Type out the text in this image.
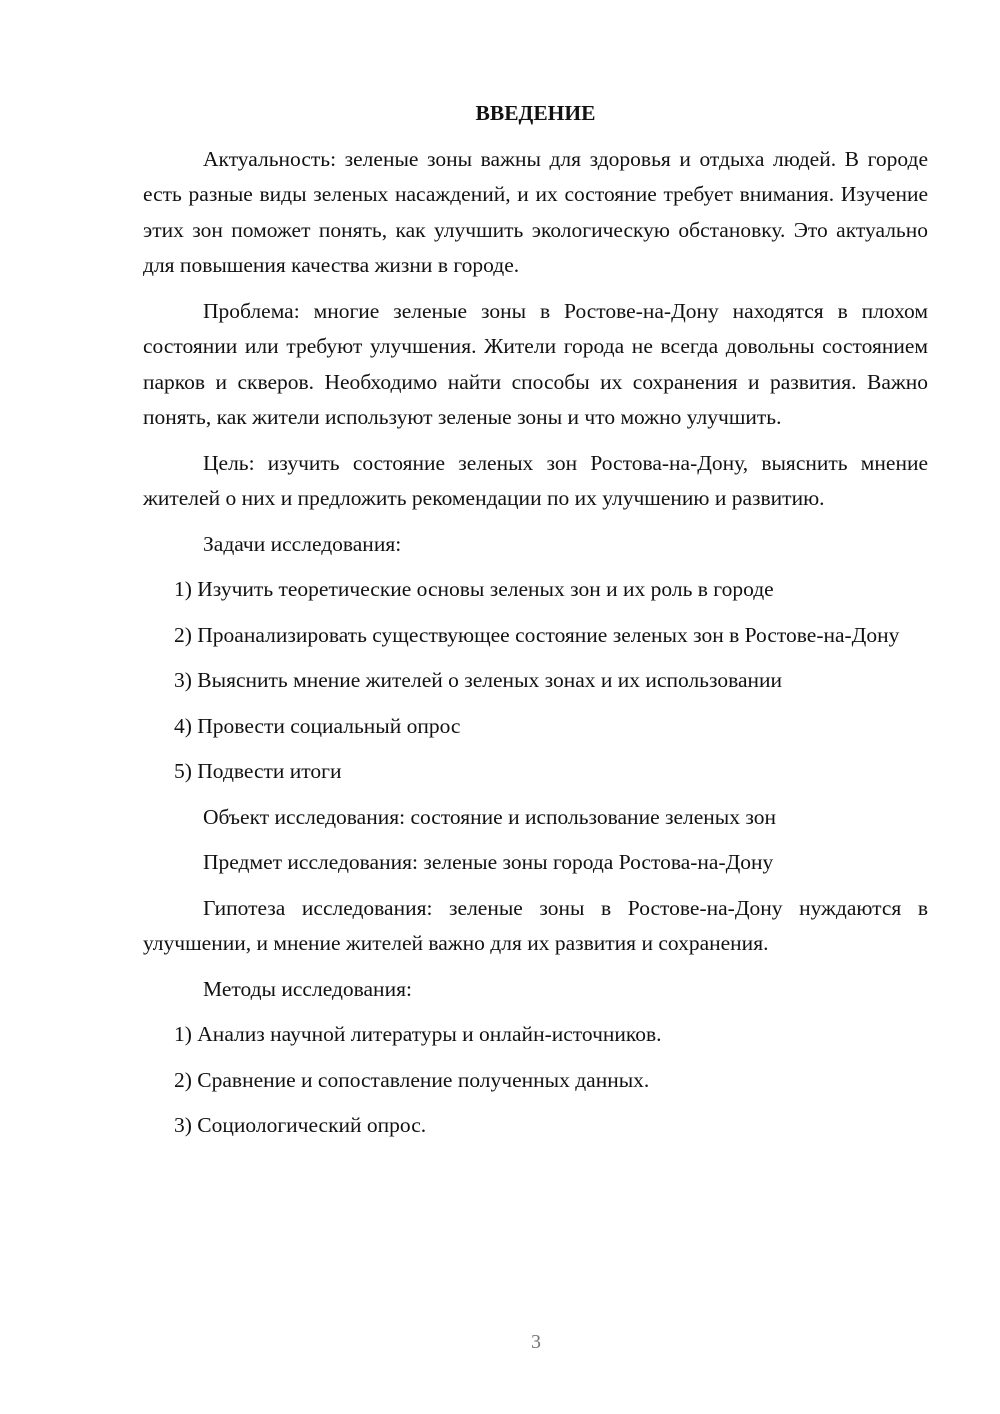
ВВЕДЕНИЕ

Актуальность: зеленые зоны важны для здоровья и отдыха людей. В городе есть разные виды зеленых насаждений, и их состояние требует внимания. Изучение этих зон поможет понять, как улучшить экологическую обстановку. Это актуально для повышения качества жизни в городе.

Проблема: многие зеленые зоны в Ростове-на-Дону находятся в плохом состоянии или требуют улучшения. Жители города не всегда довольны состоянием парков и скверов. Необходимо найти способы их сохранения и развития. Важно понять, как жители используют зеленые зоны и что можно улучшить.

Цель: изучить состояние зеленых зон Ростова-на-Дону, выяснить мнение жителей о них и предложить рекомендации по их улучшению и развитию.

Задачи исследования:

1) Изучить теоретические основы зеленых зон и их роль в городе

2) Проанализировать существующее состояние зеленых зон в Ростове-на-Дону

3) Выяснить мнение жителей о зеленых зонах и их использовании

4) Провести социальный опрос

5) Подвести итоги

Объект исследования: состояние и использование зеленых зон

Предмет исследования: зеленые зоны города Ростова-на-Дону

Гипотеза исследования: зеленые зоны в Ростове-на-Дону нуждаются в улучшении, и мнение жителей важно для их развития и сохранения.

Методы исследования:

1) Анализ научной литературы и онлайн-источников.

2) Сравнение и сопоставление полученных данных.

3) Социологический опрос.

3
